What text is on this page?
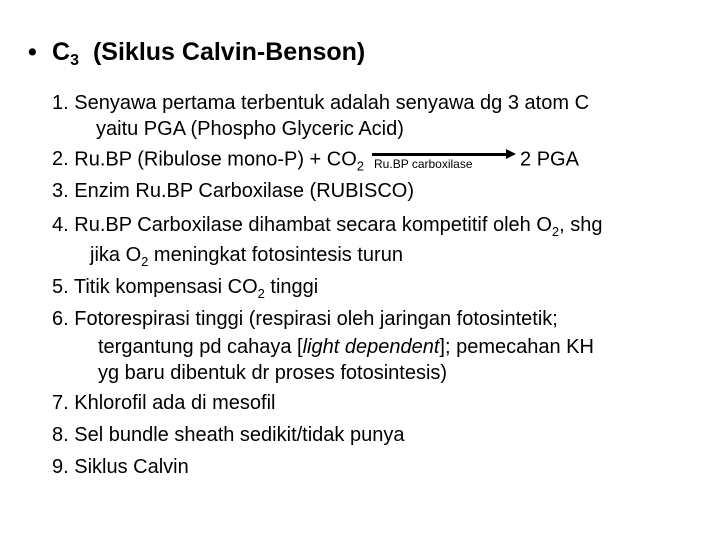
• $C_3$ (Siklus Calvin-Benson)
1. Senyawa pertama terbentuk adalah senyawa dg 3 atom C
yaitu PGA (Phospho Glyceric Acid)
2. Ru.BP (Ribulose mono-P) + $CO_2$ Ru.BP carboxilase 2 PGA
3. Enzim Ru.BP Carboxilase (RUBISCO)
4. Ru.BP Carboxilase dihambat secara kompetitif oleh $O_2$, shg
jika $O_2$ meningkat fotosintesis turun
5. Titik kompensasi $CO_2$ tinggi
6. Fotorespirasi tinggi (respirasi oleh jaringan fotosintetik;
tergantung pd cahaya [light dependent]; pemecahan KH
yg baru dibentuk dr proses fotosintesis)
7. Khlorofil ada di mesofil
8. Sel bundle sheath sedikit/tidak punya
9. Siklus Calvin
